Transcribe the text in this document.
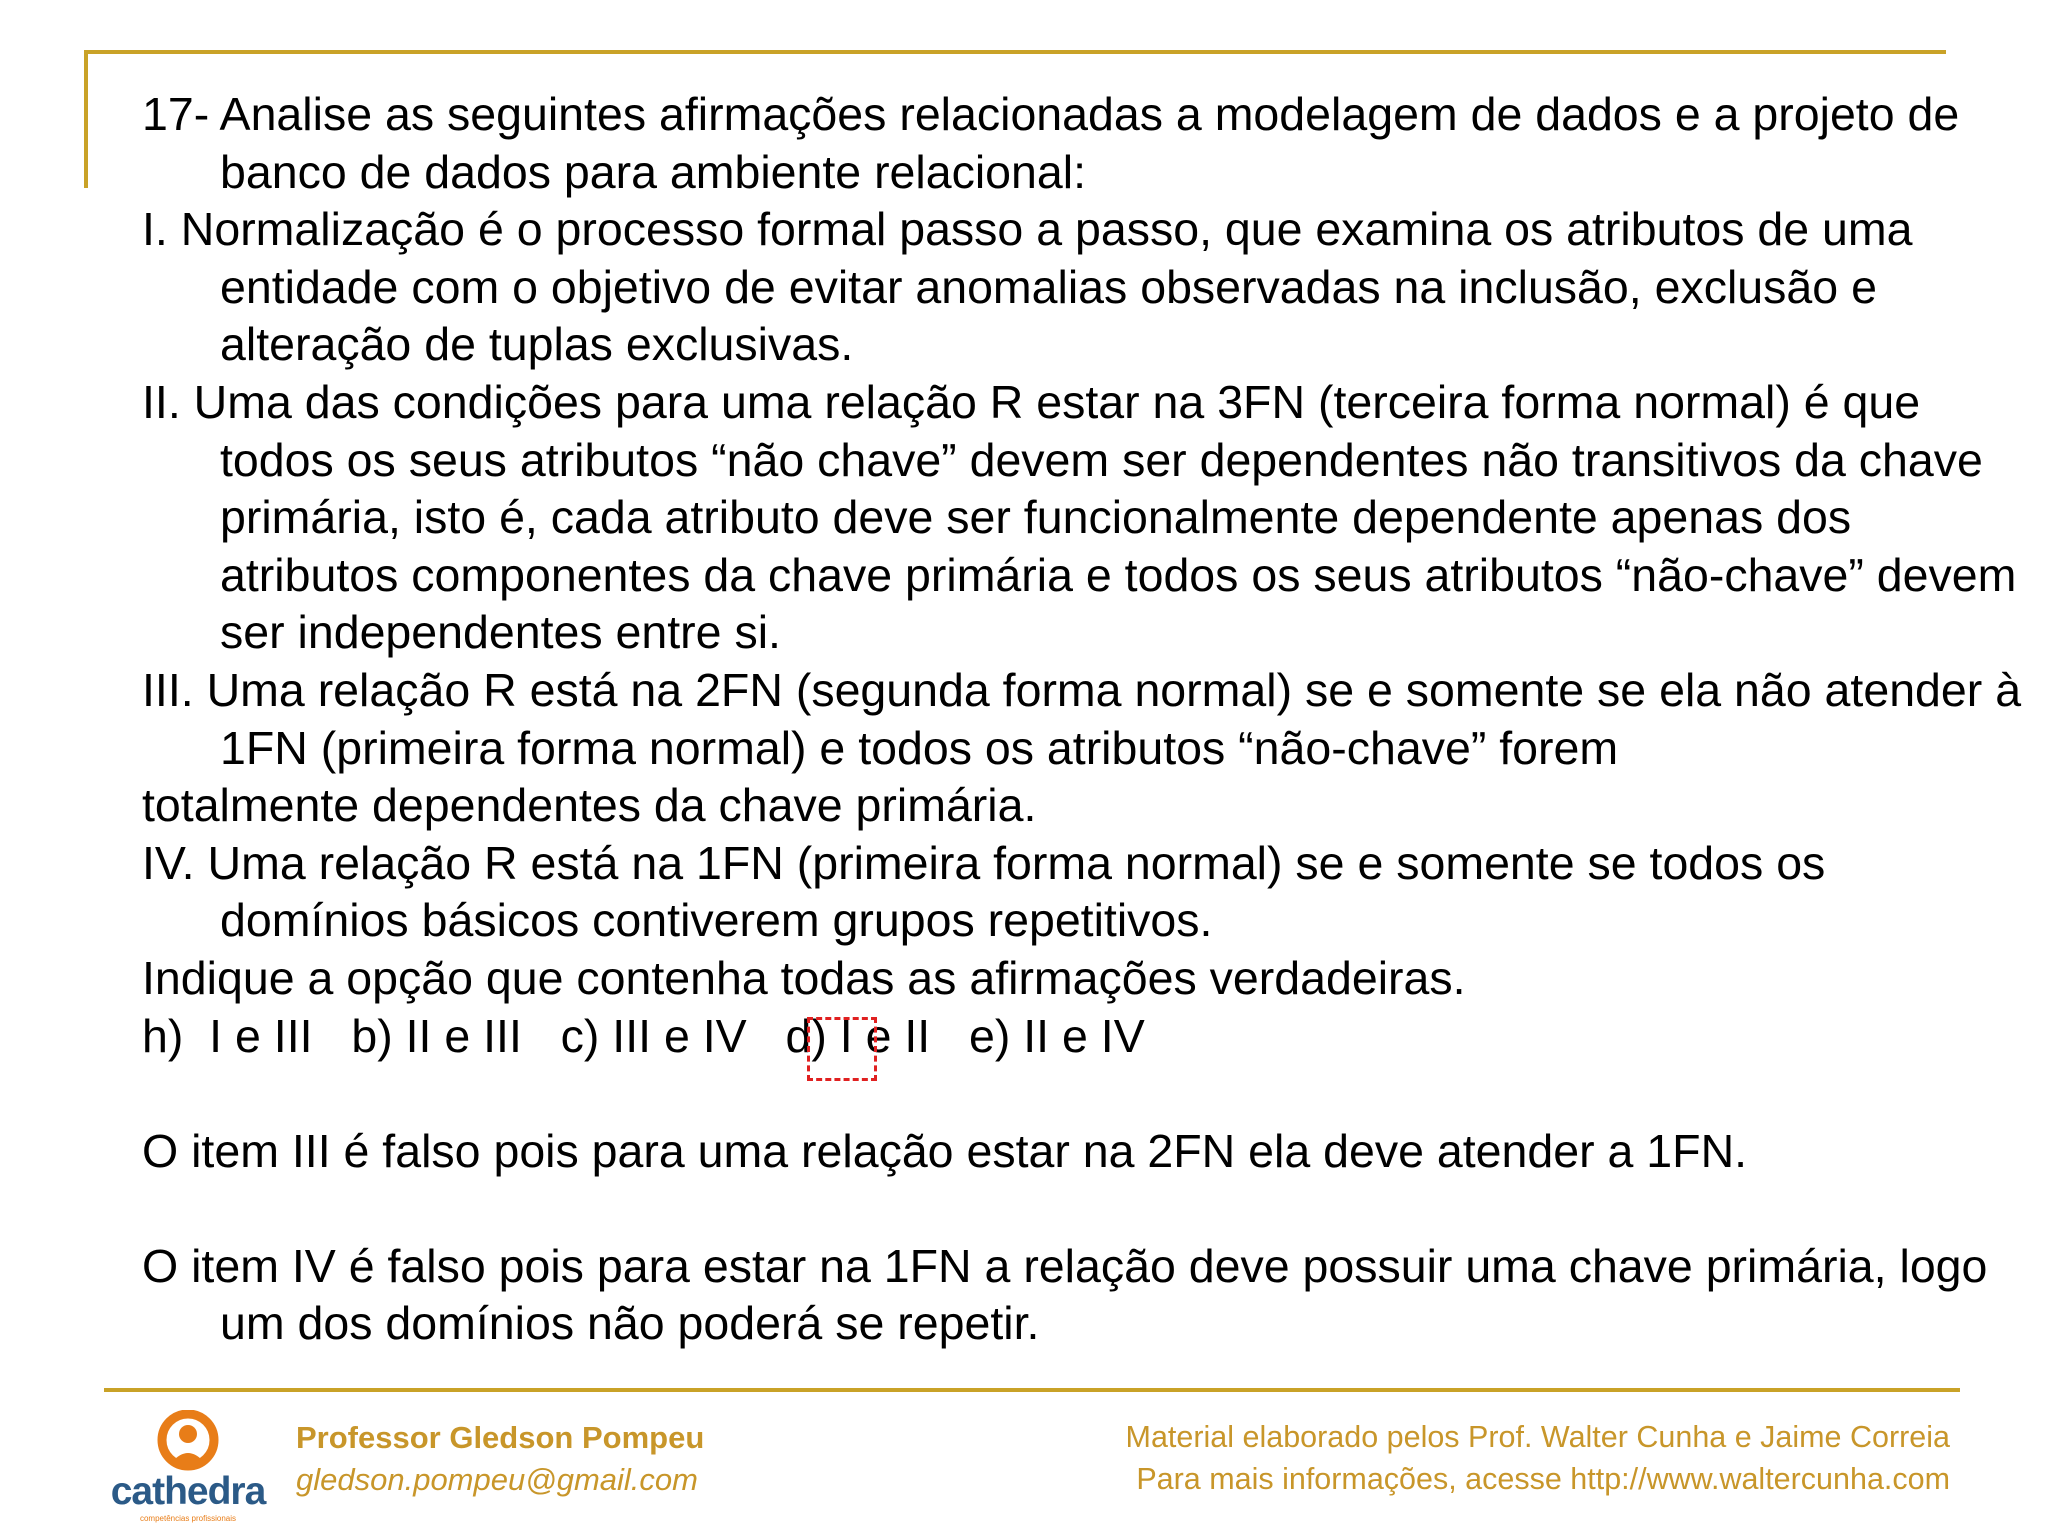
17- Analise as seguintes afirmações relacionadas a modelagem de dados e a projeto de banco de dados para ambiente relacional:

I. Normalização é o processo formal passo a passo, que examina os atributos de uma entidade com o objetivo de evitar anomalias observadas na inclusão, exclusão e alteração de tuplas exclusivas.

II. Uma das condições para uma relação R estar na 3FN (terceira forma normal) é que todos os seus atributos “não chave” devem ser dependentes não transitivos da chave primária, isto é, cada atributo deve ser funcionalmente dependente apenas dos atributos componentes da chave primária e todos os seus atributos “não-chave” devem ser independentes entre si.

III. Uma relação R está na 2FN (segunda forma normal) se e somente se ela não atender à 1FN (primeira forma normal) e todos os atributos “não-chave” forem

totalmente dependentes da chave primária.

IV. Uma relação R está na 1FN (primeira forma normal) se e somente se todos os domínios básicos contiverem grupos repetitivos.

Indique a opção que contenha todas as afirmações verdadeiras.

h)  I e III b) II e III c) III e IV d) I e II e) II e IV

O item III é falso pois para uma relação estar na 2FN ela deve atender a 1FN.

O item IV é falso pois para estar na 1FN a relação deve possuir uma chave primária, logo um dos domínios não poderá se repetir.

cathedra
competências profissionais
Professor Gledson Pompeu
gledson.pompeu@gmail.com
Material elaborado pelos Prof. Walter Cunha e Jaime Correia
Para mais informações, acesse http://www.waltercunha.com
